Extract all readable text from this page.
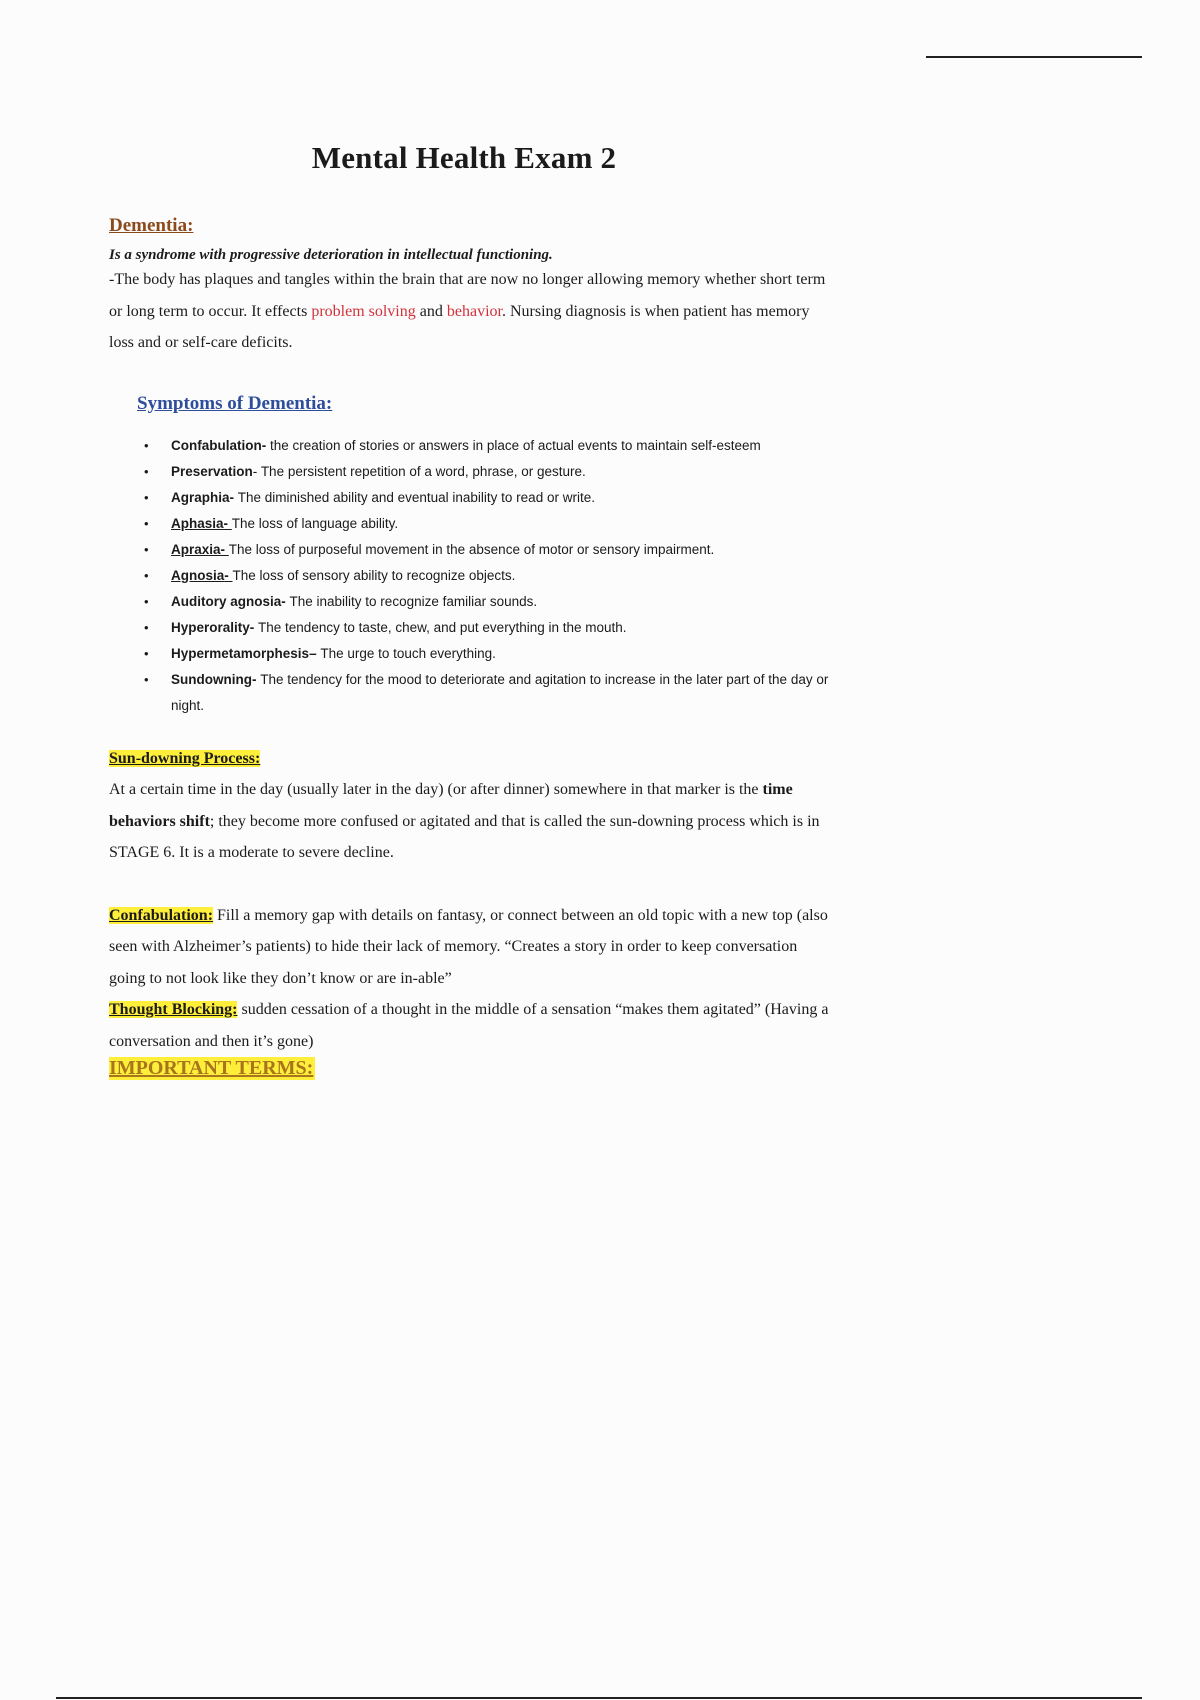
Mental Health Exam 2

Dementia:

Is a syndrome with progressive deterioration in intellectual functioning.

-The body has plaques and tangles within the brain that are now no longer allowing memory whether short term or long term to occur. It effects problem solving and behavior. Nursing diagnosis is when patient has memory loss and or self-care deficits.

Symptoms of Dementia:

• Confabulation- the creation of stories or answers in place of actual events to maintain self-esteem
• Preservation- The persistent repetition of a word, phrase, or gesture.
• Agraphia- The diminished ability and eventual inability to read or write.
• Aphasia- The loss of language ability.
• Apraxia- The loss of purposeful movement in the absence of motor or sensory impairment.
• Agnosia- The loss of sensory ability to recognize objects.
• Auditory agnosia- The inability to recognize familiar sounds.
• Hyperorality- The tendency to taste, chew, and put everything in the mouth.
• Hypermetamorphesis– The urge to touch everything.
• Sundowning- The tendency for the mood to deteriorate and agitation to increase in the later part of the day or night.
Sun-downing Process:

At a certain time in the day (usually later in the day) (or after dinner) somewhere in that marker is the time behaviors shift; they become more confused or agitated and that is called the sun-downing process which is in STAGE 6. It is a moderate to severe decline.

Confabulation: Fill a memory gap with details on fantasy, or connect between an old topic with a new top (also seen with Alzheimer’s patients) to hide their lack of memory. “Creates a story in order to keep conversation going to not look like they don’t know or are in-able”

Thought Blocking: sudden cessation of a thought in the middle of a sensation “makes them agitated” (Having a conversation and then it’s gone)

IMPORTANT TERMS:
